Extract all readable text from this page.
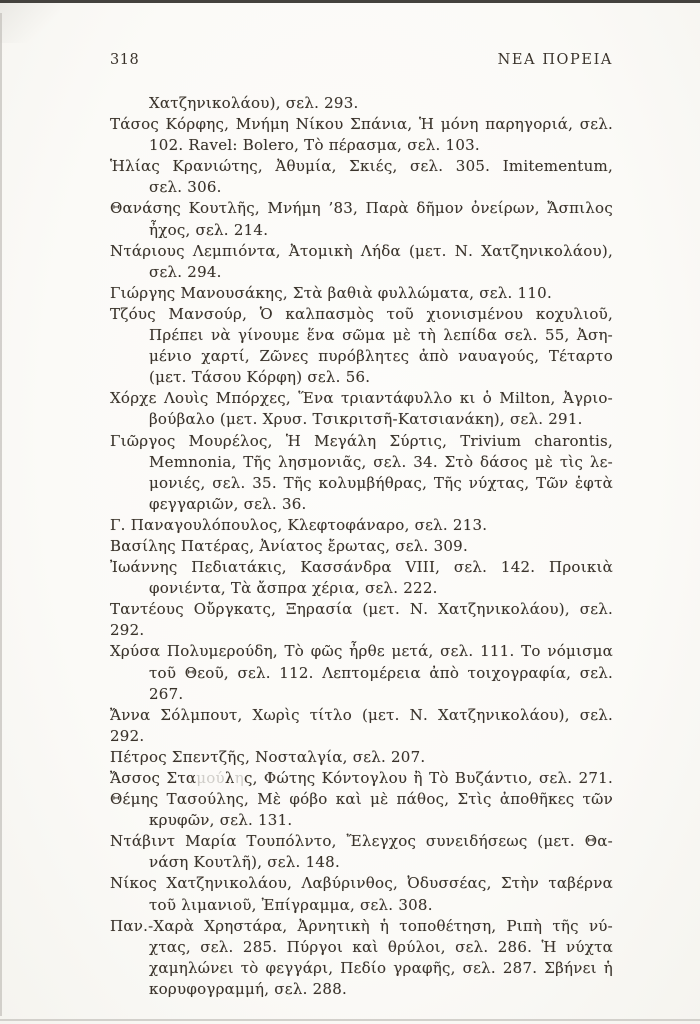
318	ΝΕΑ ΠΟΡΕΙΑ
Χατζηνικολάου), σελ. 293.
Τάσος Κόρφης, Μνήμη Νίκου Σπάνια, Ἡ μόνη παρηγοριά, σελ.
102. Ravel: Bolero, Τὸ πέρασμα, σελ. 103.
Ἡλίας Κρανιώτης, Ἀθυμία, Σκιές, σελ. 305. Imitementum,
σελ. 306.
Θανάσης Κουτλῆς, Μνήμη ’83, Παρὰ δῆμον ὀνείρων, Ἄσπιλος
ἦχος, σελ. 214.
Ντάριους Λεμπιόντα, Ἀτομικὴ Λήδα (μετ. Ν. Χατζηνικολάου),
σελ. 294.
Γιώργης Μανουσάκης, Στὰ βαθιὰ φυλλώματα, σελ. 110.
Τζόυς Μανσούρ, Ὁ καλπασμὸς τοῦ χιονισμένου κοχυλιοῦ,
Πρέπει νὰ γίνουμε ἕνα σῶμα μὲ τὴ λεπίδα σελ. 55, Ἀση-
μένιο χαρτί, Ζῶνες πυρόβλητες ἀπὸ ναυαγούς, Τέταρτο
(μετ. Τάσου Κόρφη) σελ. 56.
Χόρχε Λουὶς Μπόρχες, Ἕνα τριαντάφυλλο κι ὁ Milton, Ἀγριο-
βούβαλο (μετ. Χρυσ. Τσικριτσῆ-Κατσιανάκη), σελ. 291.
Γιῶργος Μουρέλος, Ἡ Μεγάλη Σύρτις, Trivium charontis,
Memnonia, Τῆς λησμονιᾶς, σελ. 34. Στὸ δάσος μὲ τὶς λε-
μονιές, σελ. 35. Τῆς κολυμβήθρας, Τῆς νύχτας, Τῶν ἑφτὰ
φεγγαριῶν, σελ. 36.
Γ. Παναγουλόπουλος, Κλεφτοφάναρο, σελ. 213.
Βασίλης Πατέρας, Ἀνίατος ἔρωτας, σελ. 309.
Ἰωάννης Πεδιατάκις, Κασσάνδρα VIII, σελ. 142. Προικιὰ
φονιέντα, Τὰ ἄσπρα χέρια, σελ. 222.
Ταντέους Οὔργκατς, Ξηρασία (μετ. Ν. Χατζηνικολάου), σελ. 292.
Χρύσα Πολυμερούδη, Τὸ φῶς ἦρθε μετά, σελ. 111. Το νόμισμα
τοῦ Θεοῦ, σελ. 112. Λεπτομέρεια ἀπὸ τοιχογραφία, σελ. 267.
Ἄννα Σόλμπουτ, Χωρὶς τίτλο (μετ. Ν. Χατζηνικολάου), σελ. 292.
Πέτρος Σπεντζῆς, Νοσταλγία, σελ. 207.
Ἄσσος Σταμούλης, Φώτης Κόντογλου ἢ Τὸ Βυζάντιο, σελ. 271.
Θέμης Τασούλης, Μὲ φόβο καὶ μὲ πάθος, Στὶς ἀποθῆκες τῶν
κρυφῶν, σελ. 131.
Ντάβιντ Μαρία Τουπόλντο, Ἔλεγχος συνειδήσεως (μετ. Θα-
νάση Κουτλῆ), σελ. 148.
Νίκος Χατζηνικολάου, Λαβύρινθος, Ὀδυσσέας, Στὴν ταβέρνα
τοῦ λιμανιοῦ, Ἐπίγραμμα, σελ. 308.
Παν.-Χαρὰ Χρηστάρα, Ἀρνητικὴ ἡ τοποθέτηση, Ριπὴ τῆς νύ-
χτας, σελ. 285. Πύργοι καὶ θρύλοι, σελ. 286. Ἡ νύχτα
χαμηλώνει τὸ φεγγάρι, Πεδίο γραφῆς, σελ. 287. Σβήνει ἡ
κορυφογραμμή, σελ. 288.
